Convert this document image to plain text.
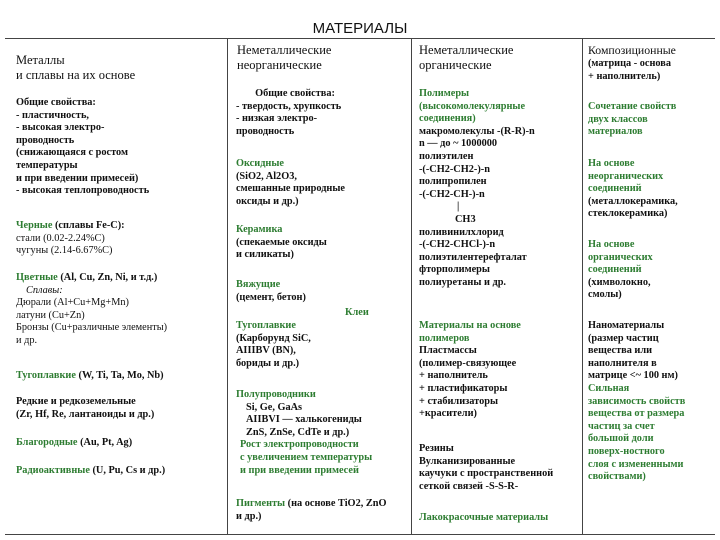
МАТЕРИАЛЫ
Металлы
и сплавы на их основе
Общие свойства:
- пластичность,
- высокая электро-
проводность
(снижающаяся с ростом
температуры
и при введении примесей)
- высокая теплопроводность
Черные (сплавы Fe-C):
стали (0.02-2.24%C)
чугуны (2.14-6.67%C)
Цветные (Al, Cu, Zn, Ni, и т.д.)
Сплавы:
Дюрали (Al+Cu+Mg+Mn)
латуни (Cu+Zn)
Бронзы (Cu+различные элементы)
и др.
Тугоплавкие (W, Ti, Ta, Mo, Nb)
Редкие и редкоземельные
(Zr, Hf, Re, лантаноиды и др.)
Благородные (Au, Pt, Ag)
Радиоактивные (U, Pu, Cs и др.)
Неметаллические
неорганические
Общие свойства:
- твердость, хрупкость
- низкая электро-
проводность
Оксидные
(SiO2, Al2O3,
смешанные природные
оксиды и др.)
Керамика
(спекаемые оксиды
и силикаты)
Вяжущие
(цемент, бетон)
Клеи
Тугоплавкие
(Карборунд SiC,
AIIIBV (BN),
бориды и др.)
Полупроводники
Si, Ge, GaAs
AIIBVI — халькогениды
ZnS, ZnSe, CdTe и др.)
Рост электропроводности
с увеличением температуры
и при введении примесей
Пигменты (на основе TiO2, ZnO
и др.)
Неметаллические
органические
Полимеры
(высокомолекулярные
соединения)
макромолекулы -(R-R)-n
n — до ~ 1000000
полиэтилен
-(-CH2-CH2-)-n
полипропилен
-(-CH2-CH-)-n
|
CH3
поливинилхлорид
-(-CH2-CHCl-)-n
полиэтилентерефталат
фторполимеры
полиуретаны и др.
Материалы на основе
полимеров
Пластмассы
(полимер-связующее
+ наполнитель
+ пластификаторы
+ стабилизаторы
+красители)
Резины
Вулканизированные
каучуки с пространственной
сеткой связей -S-S-R-
Лакокрасочные материалы
Композиционные
(матрица - основа
+ наполнитель)
Сочетание свойств
двух классов
материалов
На основе
неорганических
соединений
(металлокерамика,
стеклокерамика)
На основе
органических
соединений
(химволокно,
смолы)
Наноматериалы
(размер частиц
вещества или
наполнителя в
матрице <~ 100 нм)
Сильная
зависимость свойств
вещества от размера
частиц за счет
большой доли
поверх-ностного
слоя с измененными
свойствами)
